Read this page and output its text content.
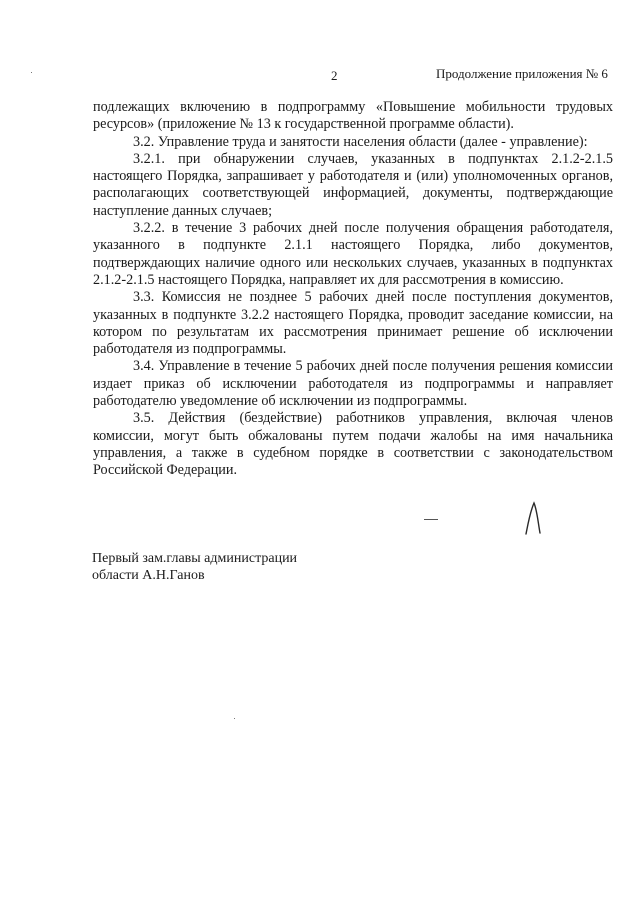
2	Продолжение приложения № 6

подлежащих включению в подпрограмму «Повышение мобильности трудовых ресурсов» (приложение № 13 к государственной программе области).

3.2. Управление труда и занятости населения области (далее - управление):

3.2.1. при обнаружении случаев, указанных в подпунктах 2.1.2-2.1.5 настоящего Порядка, запрашивает у работодателя и (или) уполномоченных органов, располагающих соответствующей информацией, документы, подтверждающие наступление данных случаев;

3.2.2. в течение 3 рабочих дней после получения обращения работодателя, указанного в подпункте 2.1.1 настоящего Порядка, либо документов, подтверждающих наличие одного или нескольких случаев, указанных в подпунктах 2.1.2-2.1.5 настоящего Порядка, направляет их для рассмотрения в комиссию.

3.3. Комиссия не позднее 5 рабочих дней после поступления документов, указанных в подпункте 3.2.2 настоящего Порядка, проводит заседание комиссии, на котором по результатам их рассмотрения принимает решение об исключении работодателя из подпрограммы.

3.4. Управление в течение 5 рабочих дней после получения решения комиссии издает приказ об исключении работодателя из подпрограммы и направляет работодателю уведомление об исключении из подпрограммы.

3.5. Действия (бездействие) работников управления, включая членов комиссии, могут быть обжалованы путем подачи жалобы на имя начальника управления, а также в судебном порядке в соответствии с законодательством Российской Федерации.

Первый зам.главы администрации
области А.Н.Ганов
